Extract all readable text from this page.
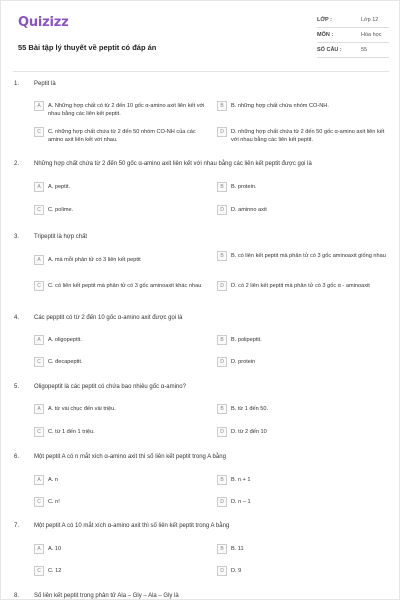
Quizizz
55 Bài tập lý thuyết về peptit có đáp án
LỚP :	Lớp 12
MÔN :	Hóa học
SỐ CÂU :	55
1. Peptit là
A	A. Những hợp chất có từ 2 đến 10 gốc α-amino axit liên kết với nhau bằng các liên kết peptit.
B	B. những hợp chất chứa nhóm CO-NH.
C	C. những hợp chất chứa từ 2 đến 50 nhóm CO-NH của các amino axit liên kết với nhau.
D	D. những hợp chất chứa từ 2 đến 50 gốc α-amino axit liên kết với nhau bằng các liên kết peptit.
2. Những hợp chất chứa từ 2 đến 50 gốc α-amino axit liên kết với nhau bằng các liên kết peptit được gọi là
A	A. peptit.	B	B. protein.
C	C. polime.	D	D. aminno axit
3. Tripeptit là hợp chất
A	A. mà mỗi phân tử có 3 liên kết peptit
B	B. có liên kết peptit mà phân tử có 3 gốc aminoaxit giống nhau
C	C. có liên kết peptit mà phân tử có 3 gốc aminoaxit khác nhau	D	D. có 2 liên kết peptit mà phân tử có 3 gốc α - aminoaxit
4. Các pepptit có từ 2 đến 10 gốc α-amino axit được gọi là
A	A. oligopeptit.	B	B. polipeptit.
C	C. đecapeptit.	D	D. protein
5. Oligopeptit là các peptit có chứa bao nhiêu gốc α-amino?
A	A. từ vài chục đến vài triệu.	B	B. từ 1 đến 50.
C	C. từ 1 đến 1 triệu.	D	D. từ 2 đến 10
6. Một peptit A có n mắt xích α-amino axit thì số liên kết peptit trong A bằng
A	A. n	B	B. n + 1
C	C. n!	D	D. n – 1
7. Một peptit A có 10 mắt xích α-amino axit thì số liên kết peptit trong A bằng
A	A. 10	B	B. 11
C	C. 12	D	D. 9
8. Số liên kết peptit trong phân tử Ala – Gly – Ala – Gly là
